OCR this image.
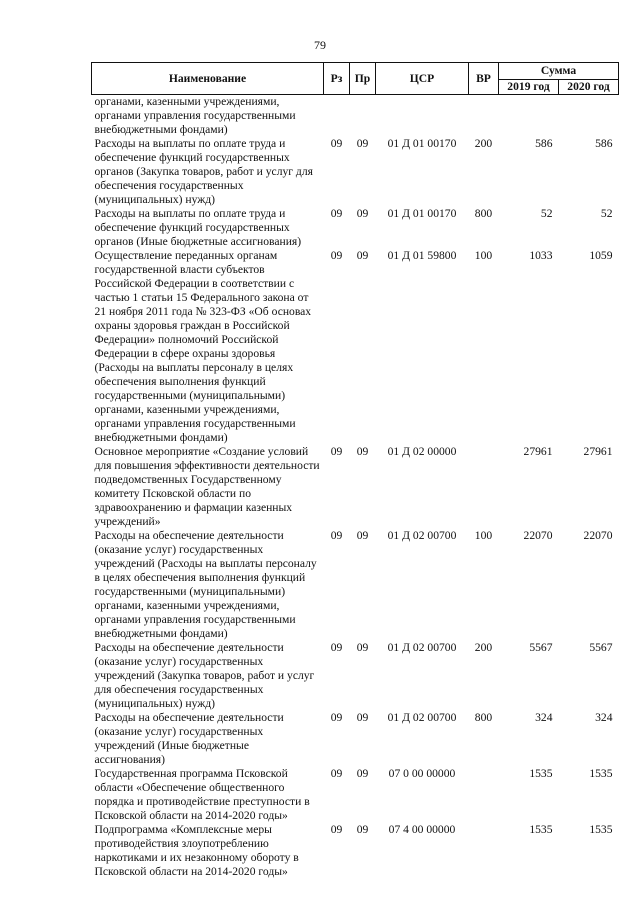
79
Наименование	Рз	Пр	ЦСР	ВР	Сумма	
					2019 год	2020 год
органами, казенными учреждениями, органами управления государственными внебюджетными фондами)						
Расходы на выплаты по оплате труда и обеспечение функций государственных органов (Закупка товаров, работ и услуг для обеспечения государственных (муниципальных) нужд)	09	09	01 Д 01 00170	200	586	586
Расходы на выплаты по оплате труда и обеспечение функций государственных органов (Иные бюджетные ассигнования)	09	09	01 Д 01 00170	800	52	52
Осуществление переданных органам государственной власти субъектов Российской Федерации в соответствии с частью 1 статьи 15 Федерального закона от 21 ноября 2011 года № 323-ФЗ «Об основах охраны здоровья граждан в Российской Федерации» полномочий Российской Федерации в сфере охраны здоровья (Расходы на выплаты персоналу в целях обеспечения выполнения функций государственными (муниципальными) органами, казенными учреждениями, органами управления государственными внебюджетными фондами)	09	09	01 Д 01 59800	100	1033	1059
Основное мероприятие «Создание условий для повышения эффективности деятельности подведомственных Государственному комитету Псковской области по здравоохранению и фармации казенных учреждений»	09	09	01 Д 02 00000		27961	27961
Расходы на обеспечение деятельности (оказание услуг) государственных учреждений (Расходы на выплаты персоналу в целях обеспечения выполнения функций государственными (муниципальными) органами, казенными учреждениями, органами управления государственными внебюджетными фондами)	09	09	01 Д 02 00700	100	22070	22070
Расходы на обеспечение деятельности (оказание услуг) государственных учреждений (Закупка товаров, работ и услуг для обеспечения государственных (муниципальных) нужд)	09	09	01 Д 02 00700	200	5567	5567
Расходы на обеспечение деятельности (оказание услуг) государственных учреждений (Иные бюджетные ассигнования)	09	09	01 Д 02 00700	800	324	324
Государственная программа Псковской области «Обеспечение общественного порядка и противодействие преступности в Псковской области на 2014-2020 годы»	09	09	07 0 00 00000		1535	1535
Подпрограмма «Комплексные меры противодействия злоупотреблению наркотиками и их незаконному обороту в Псковской области на 2014-2020 годы»	09	09	07 4 00 00000		1535	1535
